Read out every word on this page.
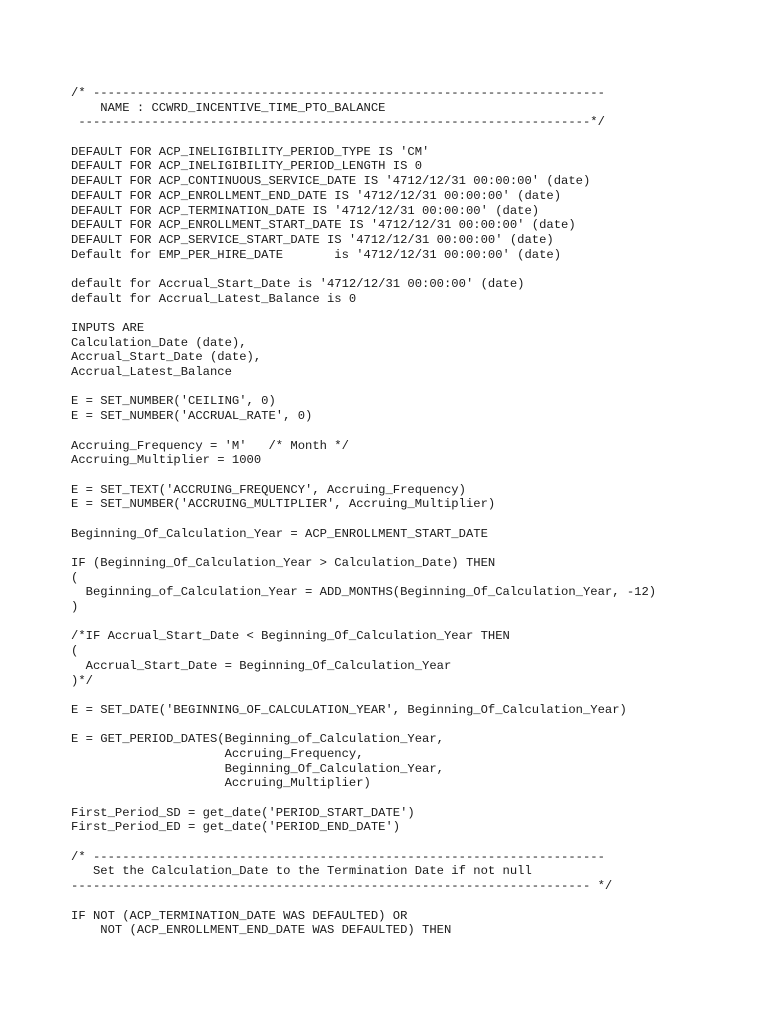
/* ----------------------------------------------------------------------
NAME : CCWRD_INCENTIVE_TIME_PTO_BALANCE
----------------------------------------------------------------------*/
DEFAULT FOR ACP_INELIGIBILITY_PERIOD_TYPE IS 'CM'
DEFAULT FOR ACP_INELIGIBILITY_PERIOD_LENGTH IS 0
DEFAULT FOR ACP_CONTINUOUS_SERVICE_DATE IS '4712/12/31 00:00:00' (date)
DEFAULT FOR ACP_ENROLLMENT_END_DATE IS '4712/12/31 00:00:00' (date)
DEFAULT FOR ACP_TERMINATION_DATE IS '4712/12/31 00:00:00' (date)
DEFAULT FOR ACP_ENROLLMENT_START_DATE IS '4712/12/31 00:00:00' (date)
DEFAULT FOR ACP_SERVICE_START_DATE IS '4712/12/31 00:00:00' (date)
Default for EMP_PER_HIRE_DATE       is '4712/12/31 00:00:00' (date)
default for Accrual_Start_Date is '4712/12/31 00:00:00' (date)
default for Accrual_Latest_Balance is 0
INPUTS ARE
Calculation_Date (date),
Accrual_Start_Date (date),
Accrual_Latest_Balance
E = SET_NUMBER('CEILING', 0)
E = SET_NUMBER('ACCRUAL_RATE', 0)
Accruing_Frequency = 'M'   /* Month */
Accruing_Multiplier = 1000
E = SET_TEXT('ACCRUING_FREQUENCY', Accruing_Frequency)
E = SET_NUMBER('ACCRUING_MULTIPLIER', Accruing_Multiplier)
Beginning_Of_Calculation_Year = ACP_ENROLLMENT_START_DATE
IF (Beginning_Of_Calculation_Year > Calculation_Date) THEN
(
Beginning_of_Calculation_Year = ADD_MONTHS(Beginning_Of_Calculation_Year, -12)
)
/*IF Accrual_Start_Date < Beginning_Of_Calculation_Year THEN
(
Accrual_Start_Date = Beginning_Of_Calculation_Year
)*/
E = SET_DATE('BEGINNING_OF_CALCULATION_YEAR', Beginning_Of_Calculation_Year)
E = GET_PERIOD_DATES(Beginning_of_Calculation_Year,
Accruing_Frequency,
Beginning_Of_Calculation_Year,
Accruing_Multiplier)
First_Period_SD = get_date('PERIOD_START_DATE')
First_Period_ED = get_date('PERIOD_END_DATE')
/* ----------------------------------------------------------------------
Set the Calculation_Date to the Termination Date if not null
----------------------------------------------------------------------- */
IF NOT (ACP_TERMINATION_DATE WAS DEFAULTED) OR
NOT (ACP_ENROLLMENT_END_DATE WAS DEFAULTED) THEN
